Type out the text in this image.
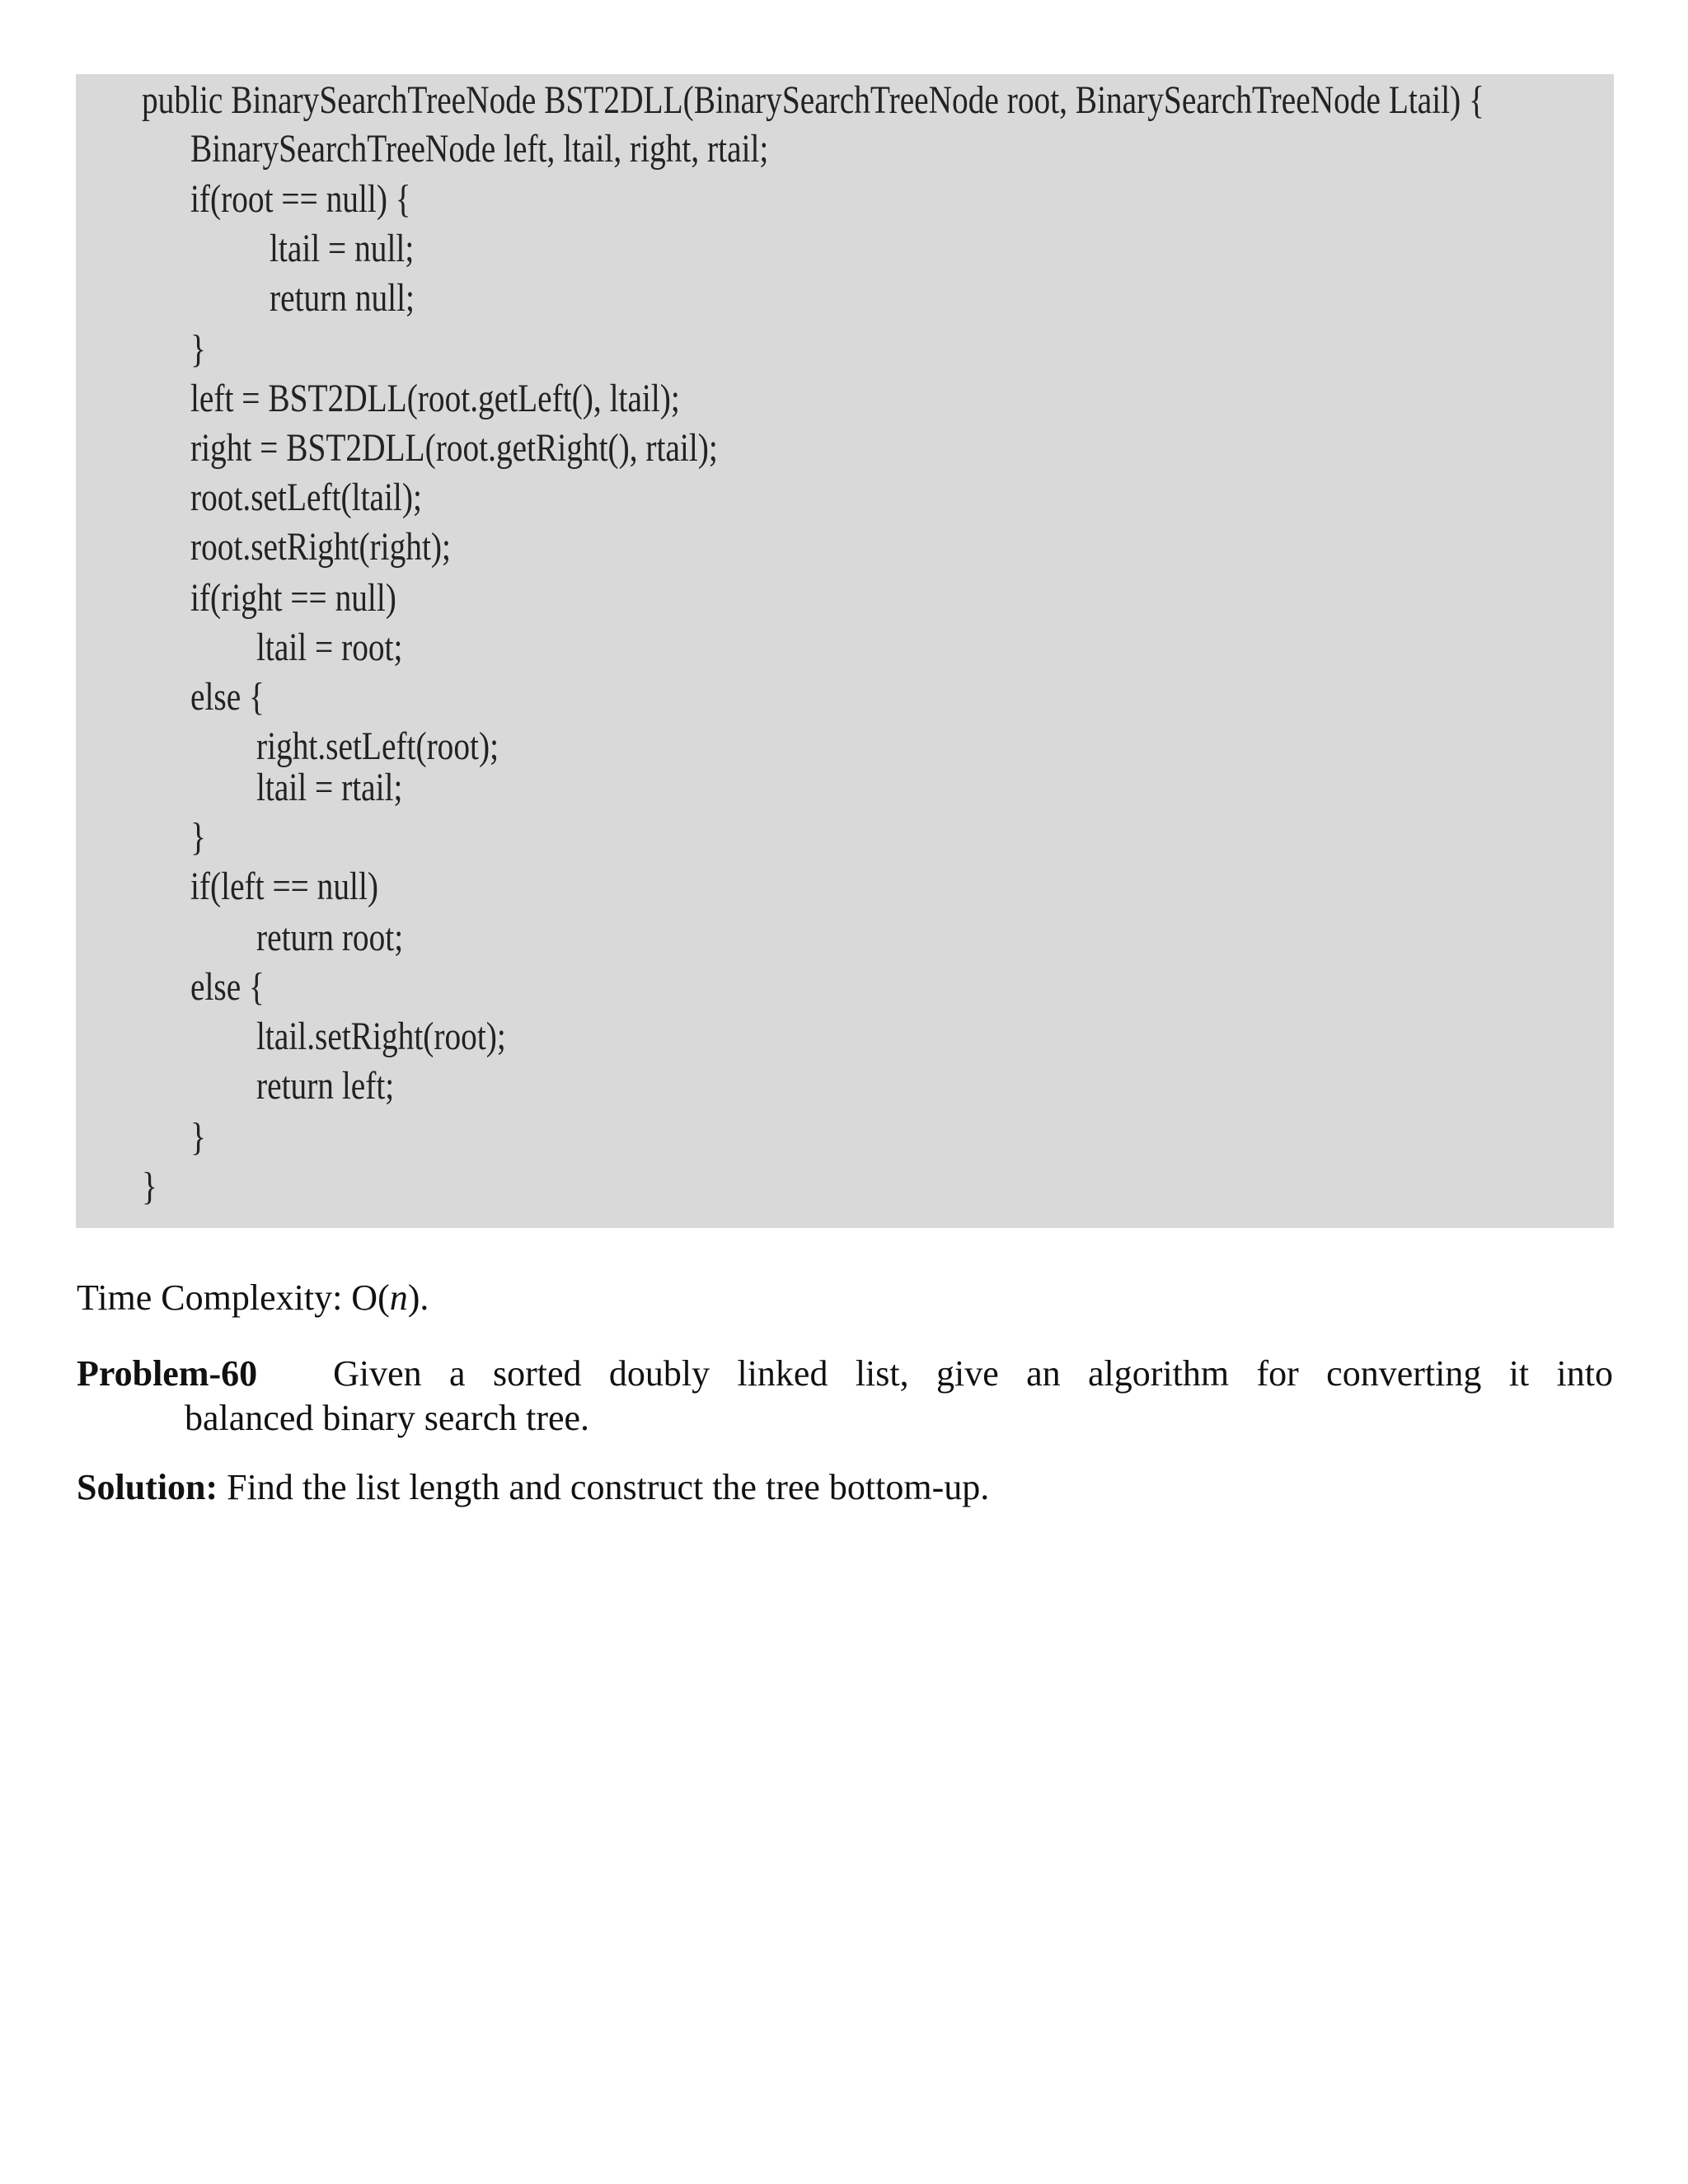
public BinarySearchTreeNode BST2DLL(BinarySearchTreeNode root, BinarySearchTreeNode Ltail) {
BinarySearchTreeNode left, ltail, right, rtail;
if(root == null) {
ltail = null;
return null;
}
left = BST2DLL(root.getLeft(), ltail);
right = BST2DLL(root.getRight(), rtail);
root.setLeft(ltail);
root.setRight(right);
if(right == null)
ltail = root;
else {
right.setLeft(root);
ltail = rtail;
}
if(left == null)
return root;
else {
ltail.setRight(root);
return left;
}
}
Time Complexity: O(n).
Problem-60 Given a sorted doubly linked list, give an algorithm for converting it into
balanced binary search tree.
Solution: Find the list length and construct the tree bottom-up.
